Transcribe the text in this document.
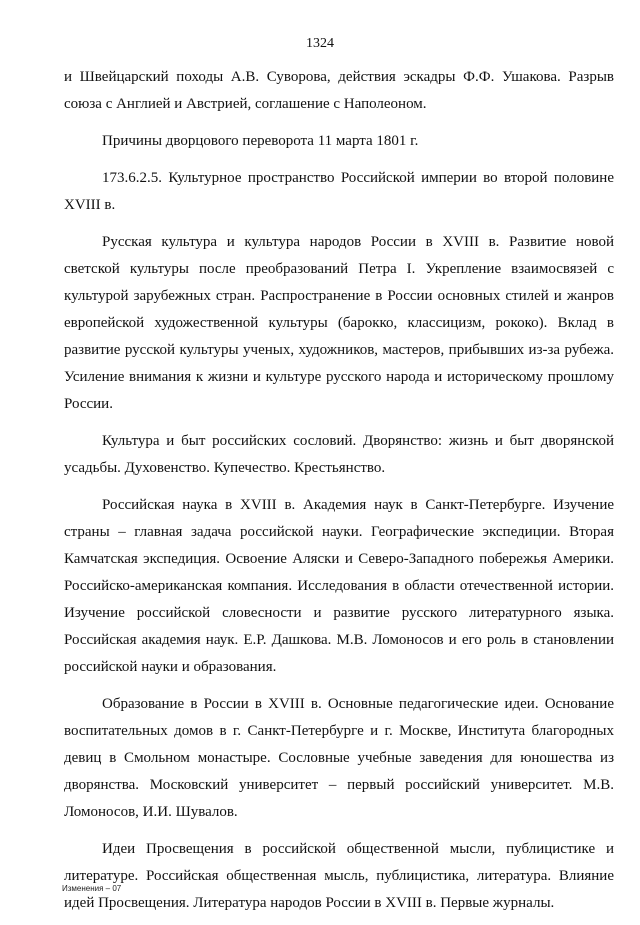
1324

и Швейцарский походы А.В. Суворова, действия эскадры Ф.Ф. Ушакова. Разрыв союза с Англией и Австрией, соглашение с Наполеоном.

Причины дворцового переворота 11 марта 1801 г.

173.6.2.5. Культурное пространство Российской империи во второй половине XVIII в.

Русская культура и культура народов России в XVIII в. Развитие новой светской культуры после преобразований Петра I. Укрепление взаимосвязей с культурой зарубежных стран. Распространение в России основных стилей и жанров европейской художественной культуры (барокко, классицизм, рококо). Вклад в развитие русской культуры ученых, художников, мастеров, прибывших из-за рубежа. Усиление внимания к жизни и культуре русского народа и историческому прошлому России.

Культура и быт российских сословий. Дворянство: жизнь и быт дворянской усадьбы. Духовенство. Купечество. Крестьянство.

Российская наука в XVIII в. Академия наук в Санкт-Петербурге. Изучение страны – главная задача российской науки. Географические экспедиции. Вторая Камчатская экспедиция. Освоение Аляски и Северо-Западного побережья Америки. Российско-американская компания. Исследования в области отечественной истории. Изучение российской словесности и развитие русского литературного языка. Российская академия наук. Е.Р. Дашкова. М.В. Ломоносов и его роль в становлении российской науки и образования.

Образование в России в XVIII в. Основные педагогические идеи. Основание воспитательных домов в г. Санкт-Петербурге и г. Москве, Института благородных девиц в Смольном монастыре. Сословные учебные заведения для юношества из дворянства. Московский университет – первый российский университет. М.В. Ломоносов, И.И. Шувалов.

Идеи Просвещения в российской общественной мысли, публицистике и литературе. Российская общественная мысль, публицистика, литература. Влияние идей Просвещения. Литература народов России в XVIII в. Первые журналы.

Изменения – 07
